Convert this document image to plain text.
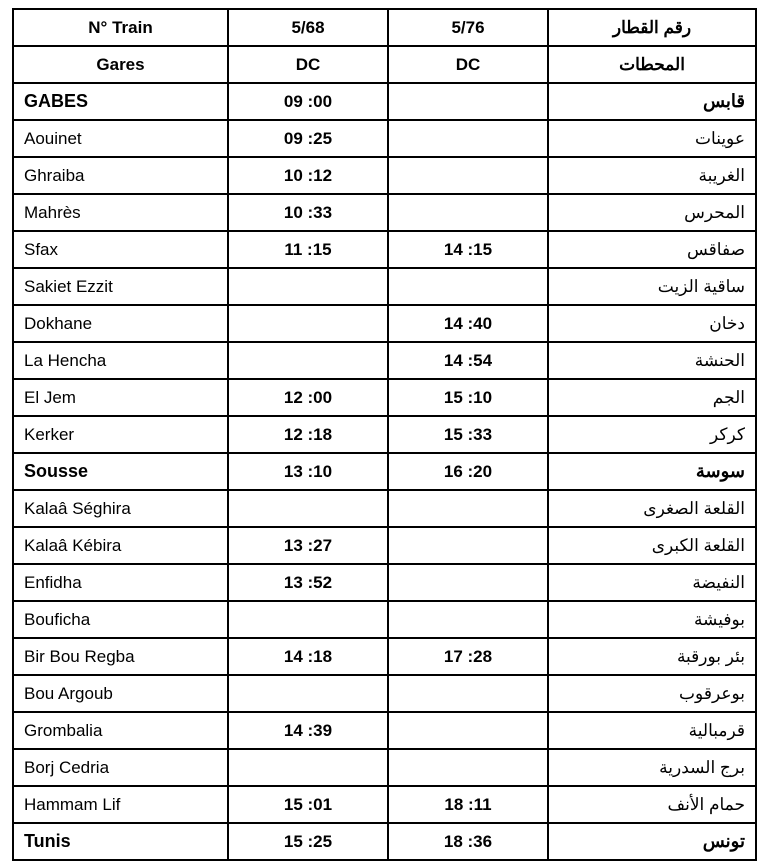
N° Train	5/68	5/76	رقم القطار
Gares	DC	DC	المحطات
GABES	09 :00		قابس
Aouinet	09 :25		عوينات
Ghraiba	10 :12		الغريبة
Mahrès	10 :33		المحرس
Sfax	11 :15	14 :15	صفاقس
Sakiet Ezzit			ساقية الزيت
Dokhane		14 :40	دخان
La Hencha		14 :54	الحنشة
El Jem	12 :00	15 :10	الجم
Kerker	12 :18	15 :33	كركر
Sousse	13 :10	16 :20	سوسة
Kalaâ Séghira			القلعة الصغرى
Kalaâ Kébira	13 :27		القلعة الكبرى
Enfidha	13 :52		النفيضة
Bouficha			بوفيشة
Bir Bou Regba	14 :18	17 :28	بئر بورقبة
Bou Argoub			بوعرقوب
Grombalia	14 :39		قرمبالية
Borj Cedria			برج السدرية
Hammam Lif	15 :01	18 :11	حمام الأنف
Tunis	15 :25	18 :36	تونس
